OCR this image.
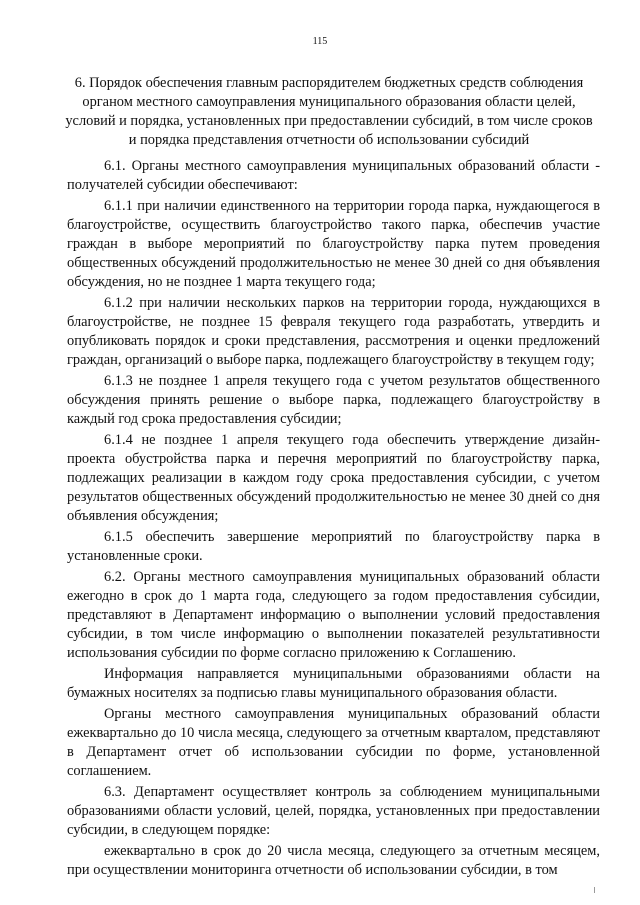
115
6. Порядок обеспечения главным распорядителем бюджетных средств соблюдения органом местного самоуправления муниципального образования области целей, условий и порядка, установленных при предоставлении субсидий, в том числе сроков и порядка представления отчетности об использовании субсидий

6.1. Органы местного самоуправления муниципальных образований области - получателей субсидии обеспечивают:

6.1.1 при наличии единственного на территории города парка, нуждающегося в благоустройстве, осуществить благоустройство такого парка, обеспечив участие граждан в выборе мероприятий по благоустройству парка путем проведения общественных обсуждений продолжительностью не менее 30 дней со дня объявления обсуждения, но не позднее 1 марта текущего года;

6.1.2 при наличии нескольких парков на территории города, нуждающихся в благоустройстве, не позднее 15 февраля текущего года разработать, утвердить и опубликовать порядок и сроки представления, рассмотрения и оценки предложений граждан, организаций о выборе парка, подлежащего благоустройству в текущем году;

6.1.3 не позднее 1 апреля текущего года с учетом результатов общественного обсуждения принять решение о выборе парка, подлежащего благоустройству в каждый год срока предоставления субсидии;

6.1.4 не позднее 1 апреля текущего года обеспечить утверждение дизайн-проекта обустройства парка и перечня мероприятий по благоустройству парка, подлежащих реализации в каждом году срока предоставления субсидии, с учетом результатов общественных обсуждений продолжительностью не менее 30 дней со дня объявления обсуждения;

6.1.5 обеспечить завершение мероприятий по благоустройству парка в установленные сроки.

6.2. Органы местного самоуправления муниципальных образований области ежегодно в срок до 1 марта года, следующего за годом предоставления субсидии, представляют в Департамент информацию о выполнении условий предоставления субсидии, в том числе информацию о выполнении показателей результативности использования субсидии по форме согласно приложению к Соглашению.

Информация направляется муниципальными образованиями области на бумажных носителях за подписью главы муниципального образования области.

Органы местного самоуправления муниципальных образований области ежеквартально до 10 числа месяца, следующего за отчетным кварталом, представляют в Департамент отчет об использовании субсидии по форме, установленной соглашением.

6.3. Департамент осуществляет контроль за соблюдением муниципальными образованиями области условий, целей, порядка, установленных при предоставлении субсидии, в следующем порядке:

ежеквартально в срок до 20 числа месяца, следующего за отчетным месяцем, при осуществлении мониторинга отчетности об использовании субсидии, в том
